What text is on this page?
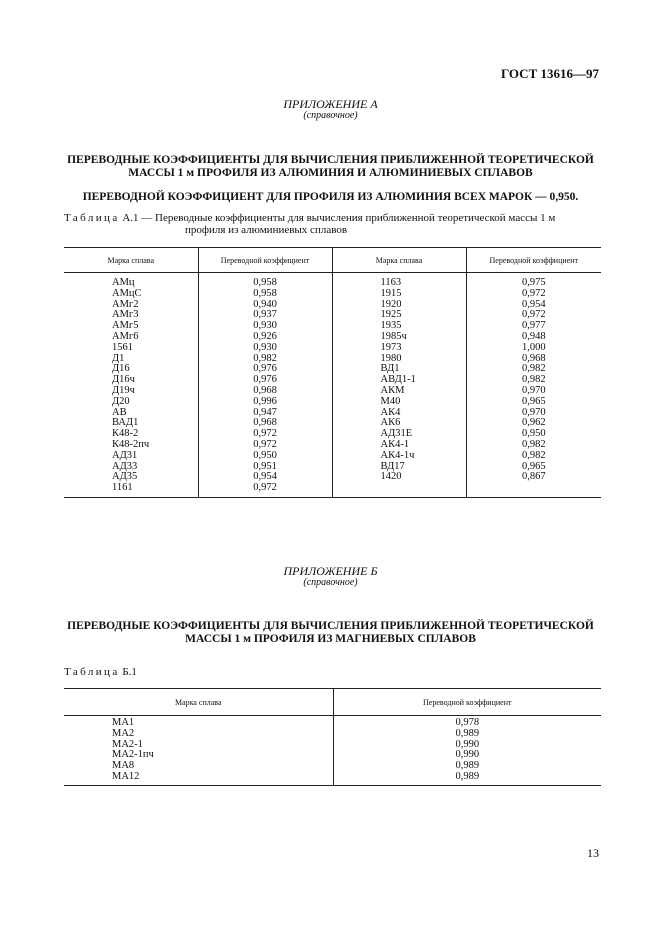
ГОСТ 13616—97
ПРИЛОЖЕНИЕ А
(справочное)
ПЕРЕВОДНЫЕ КОЭФФИЦИЕНТЫ ДЛЯ ВЫЧИСЛЕНИЯ ПРИБЛИЖЕННОЙ ТЕОРЕТИЧЕСКОЙ
МАССЫ 1 м ПРОФИЛЯ ИЗ АЛЮМИНИЯ И АЛЮМИНИЕВЫХ СПЛАВОВ
ПЕРЕВОДНОЙ КОЭФФИЦИЕНТ ДЛЯ ПРОФИЛЯ ИЗ АЛЮМИНИЯ ВСЕХ МАРОК — 0,950.
Таблица А.1 — Переводные коэффициенты для вычисления приближенной теоретической массы 1 м
профиля из алюминиевых сплавов
Марка сплава	Переводной коэффициент	Марка сплава	Переводной коэффициент
АМц	0,958	1163	0,975
АМцС	0,958	1915	0,972
АМг2	0,940	1920	0,954
АМг3	0,937	1925	0,972
АМг5	0,930	1935	0,977
АМг6	0,926	1985ч	0,948
1561	0,930	1973	1,000
Д1	0,982	1980	0,968
Д16	0,976	ВД1	0,982
Д16ч	0,976	АВД1-1	0,982
Д19ч	0,968	АКМ	0,970
Д20	0,996	М40	0,965
АВ	0,947	АК4	0,970
ВАД1	0,968	АК6	0,962
К48-2	0,972	АД31Е	0,950
К48-2пч	0,972	АК4-1	0,982
АД31	0,950	АК4-1ч	0,982
АД33	0,951	ВД17	0,965
АД35	0,954	1420	0,867
1161	0,972		
ПРИЛОЖЕНИЕ Б
(справочное)
ПЕРЕВОДНЫЕ КОЭФФИЦИЕНТЫ ДЛЯ ВЫЧИСЛЕНИЯ ПРИБЛИЖЕННОЙ ТЕОРЕТИЧЕСКОЙ
МАССЫ 1 м ПРОФИЛЯ ИЗ МАГНИЕВЫХ СПЛАВОВ
Таблица Б.1
Марка сплава	Переводной коэффициент
МА1	0,978
МА2	0,989
МА2-1	0,990
МА2-1пч	0,990
МА8	0,989
МА12	0,989
13
